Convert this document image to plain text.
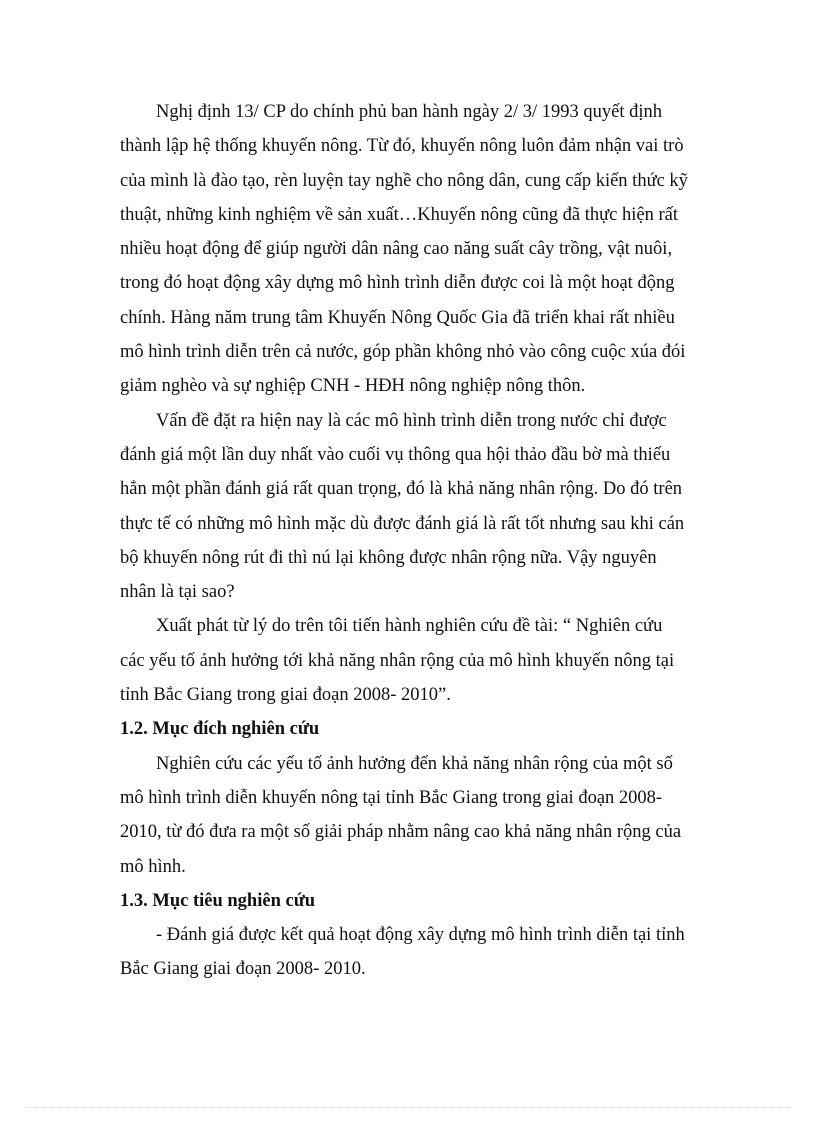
Nghị định 13/ CP do chính phủ ban hành ngày 2/ 3/ 1993 quyết định
thành lập hệ thống khuyến nông. Từ đó, khuyến nông luôn đảm nhận vai trò
của mình là đào tạo, rèn luyện tay nghề cho nông dân, cung cấp kiến thức kỹ
thuật, những kinh nghiệm về sản xuất…Khuyến nông cũng đã thực hiện rất
nhiều hoạt động để giúp người dân nâng cao năng suất cây trồng, vật nuôi,
trong đó hoạt động xây dựng mô hình trình diễn được coi là một hoạt động
chính. Hàng năm trung tâm Khuyến Nông Quốc Gia đã triển khai rất nhiều
mô hình trình diễn trên cả nước, góp phần không nhỏ vào công cuộc xúa đói
giảm nghèo và sự nghiệp CNH - HĐH nông nghiệp nông thôn.
Vấn đề đặt ra hiện nay là các mô hình trình diễn trong nước chỉ được
đánh giá một lần duy nhất vào cuối vụ thông qua hội thảo đầu bờ mà thiếu
hẳn một phần đánh giá rất quan trọng, đó là khả năng nhân rộng. Do đó trên
thực tế có những mô hình mặc dù được đánh giá là rất tốt nhưng sau khi cán
bộ khuyến nông rút đi thì nú lại không được nhân rộng nữa. Vậy nguyên
nhân là tại sao?
Xuất phát từ lý do trên tôi tiến hành nghiên cứu đề tài: “ Nghiên cứu
các yếu tố ảnh hưởng tới khả năng nhân rộng của mô hình khuyến nông tại
tỉnh Bắc Giang trong giai đoạn 2008- 2010”.
1.2. Mục đích nghiên cứu
Nghiên cứu các yếu tố ảnh hưởng đến khả năng nhân rộng của một số
mô hình trình diễn khuyến nông tại tỉnh Bắc Giang trong giai đoạn 2008-
2010, từ đó đưa ra một số giải pháp nhằm nâng cao khả năng nhân rộng của
mô hình.
1.3. Mục tiêu nghiên cứu
- Đánh giá được kết quả hoạt động xây dựng mô hình trình diễn tại tỉnh
Bắc Giang giai đoạn 2008- 2010.
